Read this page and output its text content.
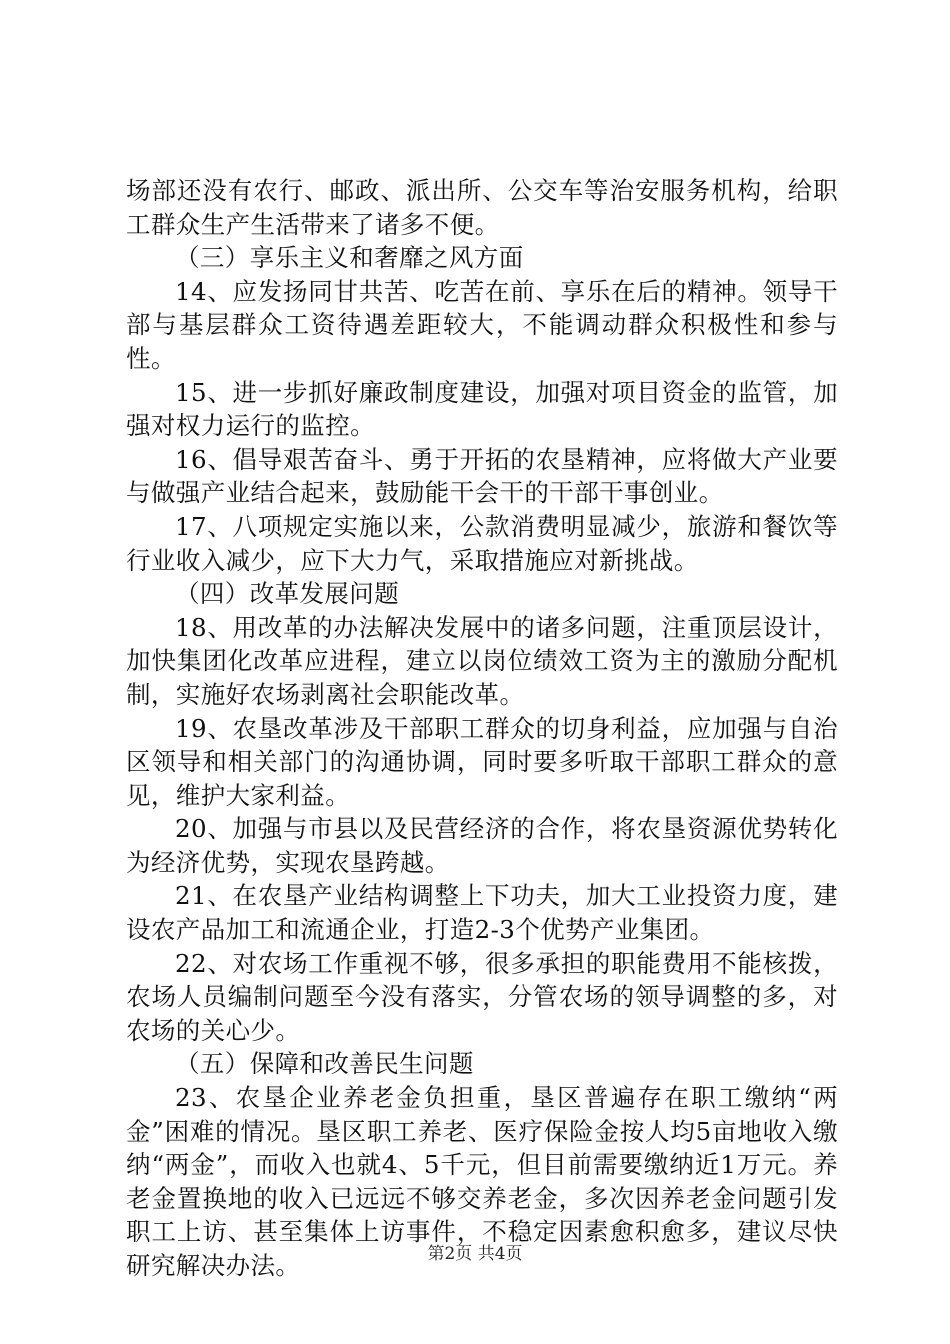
场部还没有农行、邮政、派出所、公交车等治安服务机构，给职工群众生产生活带来了诸多不便。

（三）享乐主义和奢靡之风方面

14、应发扬同甘共苦、吃苦在前、享乐在后的精神。领导干部与基层群众工资待遇差距较大，不能调动群众积极性和参与性。

15、进一步抓好廉政制度建设，加强对项目资金的监管，加强对权力运行的监控。

16、倡导艰苦奋斗、勇于开拓的农垦精神，应将做大产业要与做强产业结合起来，鼓励能干会干的干部干事创业。

17、八项规定实施以来，公款消费明显减少，旅游和餐饮等行业收入减少，应下大力气，采取措施应对新挑战。

（四）改革发展问题

18、用改革的办法解决发展中的诸多问题，注重顶层设计，加快集团化改革应进程，建立以岗位绩效工资为主的激励分配机制，实施好农场剥离社会职能改革。

19、农垦改革涉及干部职工群众的切身利益，应加强与自治区领导和相关部门的沟通协调，同时要多听取干部职工群众的意见，维护大家利益。

20、加强与市县以及民营经济的合作，将农垦资源优势转化为经济优势，实现农垦跨越。

21、在农垦产业结构调整上下功夫，加大工业投资力度，建设农产品加工和流通企业，打造2-3个优势产业集团。

22、对农场工作重视不够，很多承担的职能费用不能核拨，农场人员编制问题至今没有落实，分管农场的领导调整的多，对农场的关心少。

（五）保障和改善民生问题

23、农垦企业养老金负担重，垦区普遍存在职工缴纳“两金”困难的情况。垦区职工养老、医疗保险金按人均5亩地收入缴纳“两金”，而收入也就4、5千元，但目前需要缴纳近1万元。养老金置换地的收入已远远不够交养老金，多次因养老金问题引发职工上访、甚至集体上访事件，不稳定因素愈积愈多，建议尽快研究解决办法。	第2页 共4页
